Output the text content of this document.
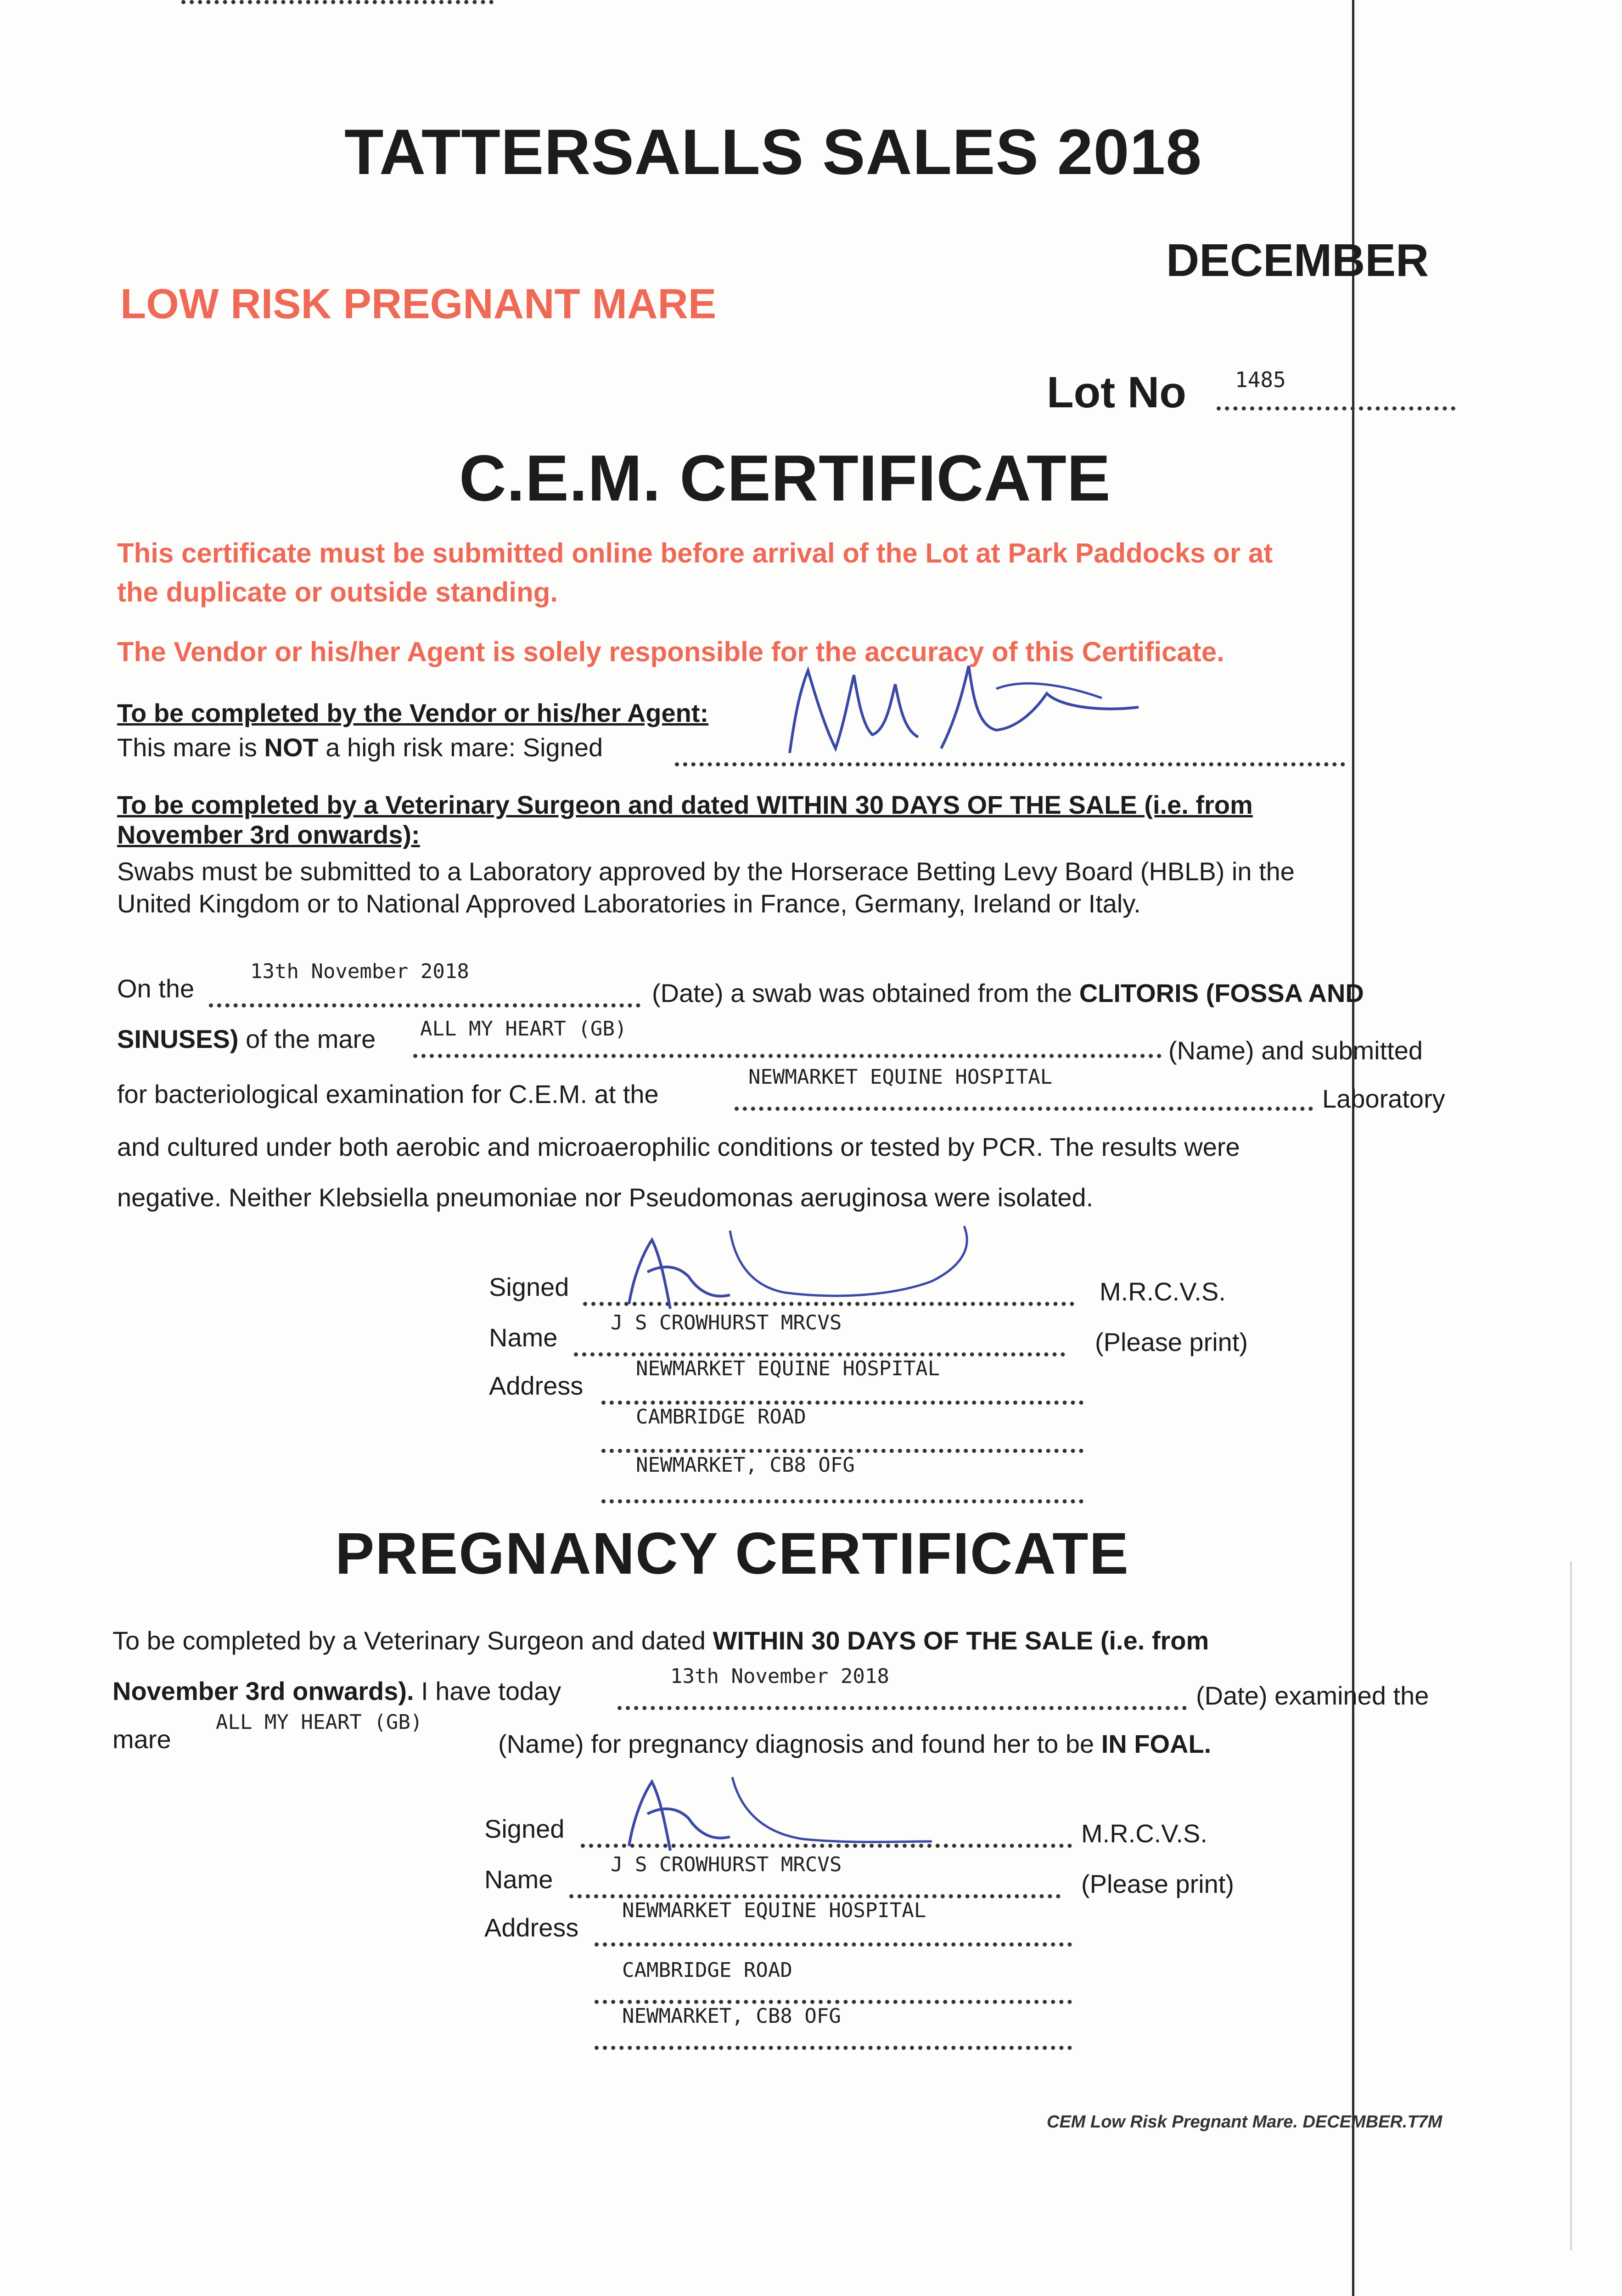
TATTERSALLS SALES 2018
DECEMBER
LOW RISK PREGNANT MARE
Lot No 1485
C.E.M. CERTIFICATE
This certificate must be submitted online before arrival of the Lot at Park Paddocks or at
the duplicate or outside standing.
The Vendor or his/her Agent is solely responsible for the accuracy of this Certificate.
To be completed by the Vendor or his/her Agent:
This mare is NOT a high risk mare: Signed
To be completed by a Veterinary Surgeon and dated WITHIN 30 DAYS OF THE SALE (i.e. from
November 3rd onwards):
Swabs must be submitted to a Laboratory approved by the Horserace Betting Levy Board (HBLB) in the
United Kingdom or to National Approved Laboratories in France, Germany, Ireland or Italy.
On the
13th November 2018
(Date) a swab was obtained from the CLITORIS (FOSSA AND
SINUSES) of the mare ALL MY HEART (GB)
(Name) and submitted
for bacteriological examination for C.E.M. at the
NEWMARKET EQUINE HOSPITAL
Laboratory
and cultured under both aerobic and microaerophilic conditions or tested by PCR. The results were
negative. Neither Klebsiella pneumoniae nor Pseudomonas aeruginosa were isolated.
Signed	M.R.C.V.S.
Name
J S CROWHURST MRCVS
(Please print)
Address
NEWMARKET EQUINE HOSPITAL
CAMBRIDGE ROAD
NEWMARKET, CB8 OFG
PREGNANCY CERTIFICATE
To be completed by a Veterinary Surgeon and dated WITHIN 30 DAYS OF THE SALE (i.e. from
November 3rd onwards). I have today
13th November 2018
(Date) examined the
mare
ALL MY HEART (GB)
(Name) for pregnancy diagnosis and found her to be IN FOAL.
Signed	M.R.C.V.S.
Name
J S CROWHURST MRCVS
(Please print)
Address
NEWMARKET EQUINE HOSPITAL
CAMBRIDGE ROAD
NEWMARKET, CB8 OFG
CEM Low Risk Pregnant Mare. DECEMBER.T7M
